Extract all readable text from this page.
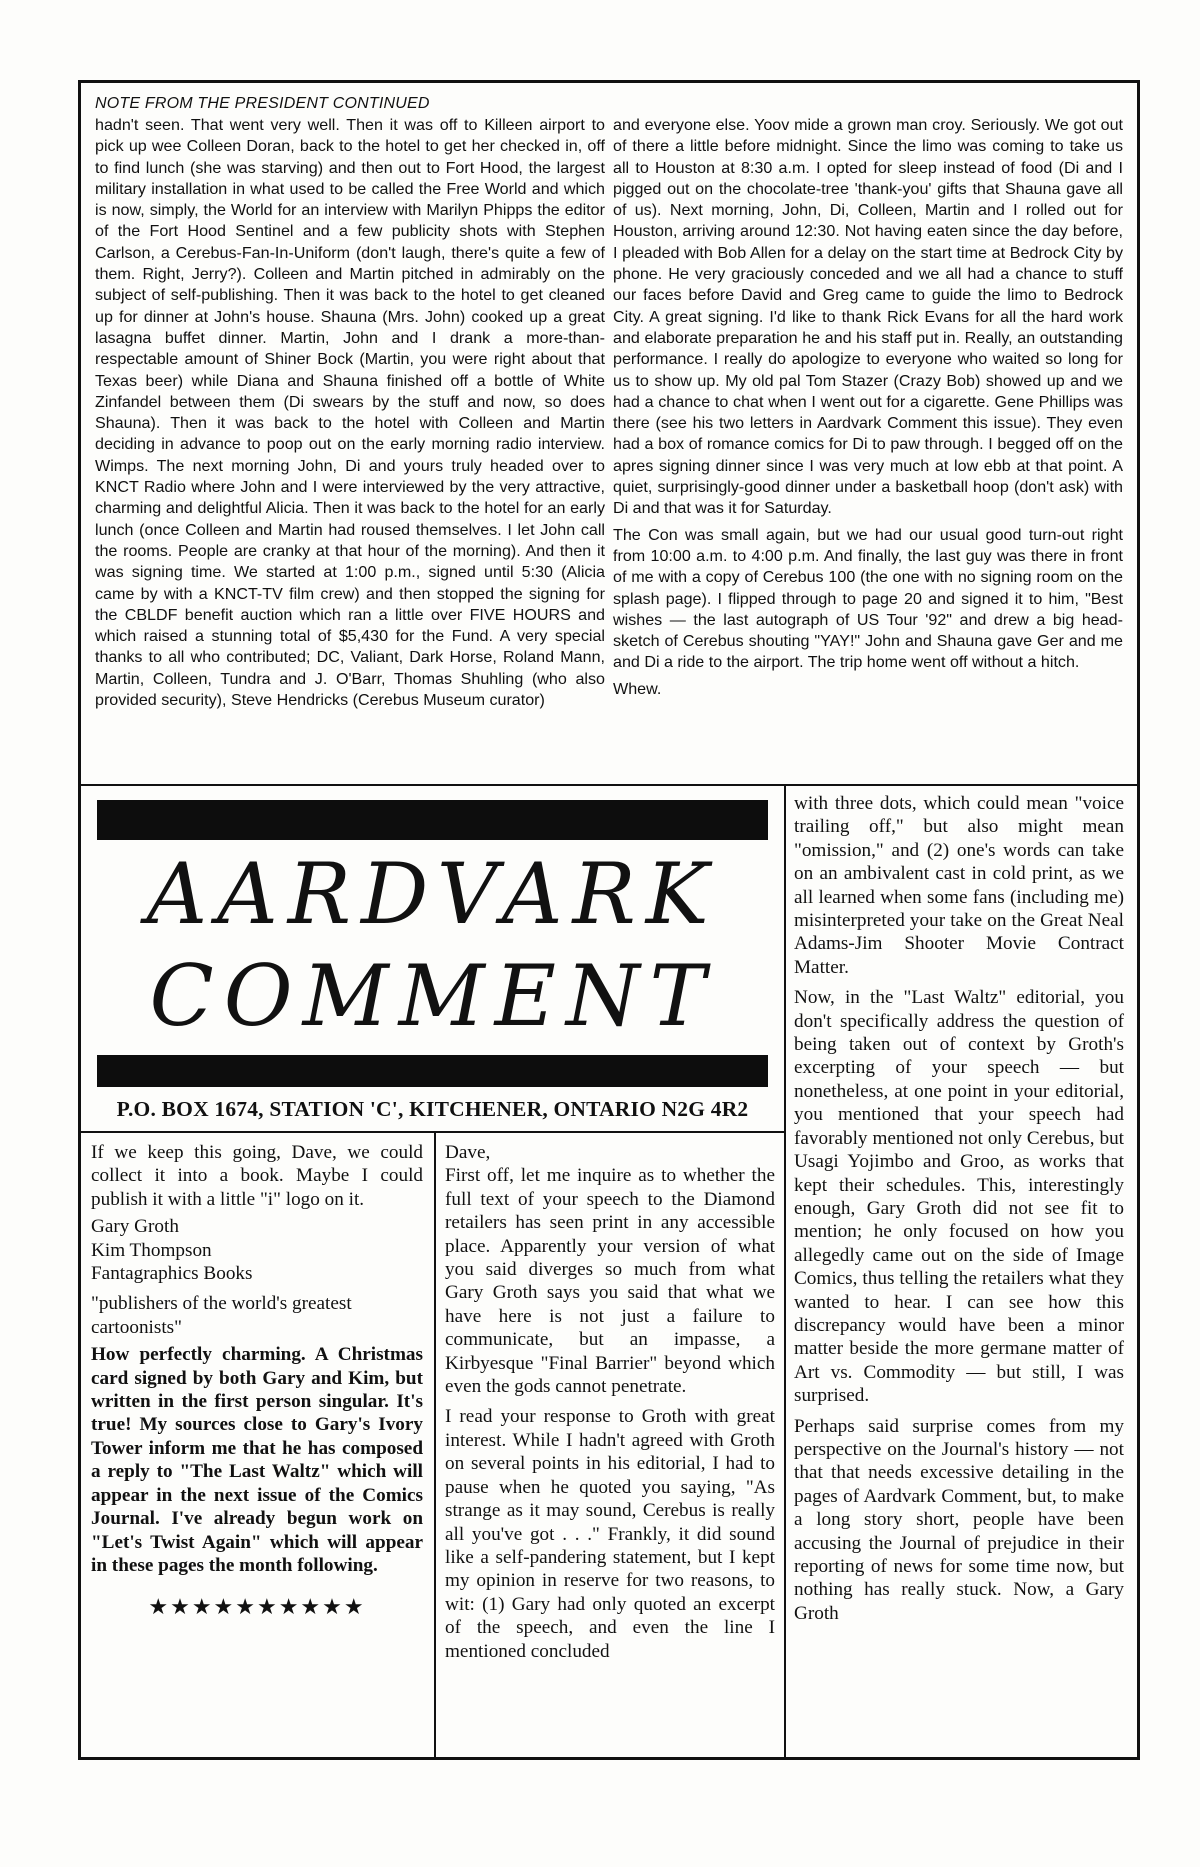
NOTE FROM THE PRESIDENT CONTINUED

hadn't seen. That went very well. Then it was off to Killeen airport to pick up wee Colleen Doran, back to the hotel to get her checked in, off to find lunch (she was starving) and then out to Fort Hood, the largest military installation in what used to be called the Free World and which is now, simply, the World for an interview with Marilyn Phipps the editor of the Fort Hood Sentinel and a few publicity shots with Stephen Carlson, a Cerebus-Fan-In-Uniform (don't laugh, there's quite a few of them. Right, Jerry?). Colleen and Martin pitched in admirably on the subject of self-publishing. Then it was back to the hotel to get cleaned up for dinner at John's house. Shauna (Mrs. John) cooked up a great lasagna buffet dinner. Martin, John and I drank a more-than-respectable amount of Shiner Bock (Martin, you were right about that Texas beer) while Diana and Shauna finished off a bottle of White Zinfandel between them (Di swears by the stuff and now, so does Shauna). Then it was back to the hotel with Colleen and Martin deciding in advance to poop out on the early morning radio interview. Wimps. The next morning John, Di and yours truly headed over to KNCT Radio where John and I were interviewed by the very attractive, charming and delightful Alicia. Then it was back to the hotel for an early lunch (once Colleen and Martin had roused themselves. I let John call the rooms. People are cranky at that hour of the morning). And then it was signing time. We started at 1:00 p.m., signed until 5:30 (Alicia came by with a KNCT-TV film crew) and then stopped the signing for the CBLDF benefit auction which ran a little over FIVE HOURS and which raised a stunning total of $5,430 for the Fund. A very special thanks to all who contributed; DC, Valiant, Dark Horse, Roland Mann, Martin, Colleen, Tundra and J. O'Barr, Thomas Shuhling (who also provided security), Steve Hendricks (Cerebus Museum curator)

and everyone else. Yoov mide a grown man croy. Seriously. We got out of there a little before midnight. Since the limo was coming to take us all to Houston at 8:30 a.m. I opted for sleep instead of food (Di and I pigged out on the chocolate-tree 'thank-you' gifts that Shauna gave all of us). Next morning, John, Di, Colleen, Martin and I rolled out for Houston, arriving around 12:30. Not having eaten since the day before, I pleaded with Bob Allen for a delay on the start time at Bedrock City by phone. He very graciously conceded and we all had a chance to stuff our faces before David and Greg came to guide the limo to Bedrock City. A great signing. I'd like to thank Rick Evans for all the hard work and elaborate preparation he and his staff put in. Really, an outstanding performance. I really do apologize to everyone who waited so long for us to show up. My old pal Tom Stazer (Crazy Bob) showed up and we had a chance to chat when I went out for a cigarette. Gene Phillips was there (see his two letters in Aardvark Comment this issue). They even had a box of romance comics for Di to paw through. I begged off on the apres signing dinner since I was very much at low ebb at that point. A quiet, surprisingly-good dinner under a basketball hoop (don't ask) with Di and that was it for Saturday.

The Con was small again, but we had our usual good turn-out right from 10:00 a.m. to 4:00 p.m. And finally, the last guy was there in front of me with a copy of Cerebus 100 (the one with no signing room on the splash page). I flipped through to page 20 and signed it to him, "Best wishes — the last autograph of US Tour '92" and drew a big head-sketch of Cerebus shouting "YAY!" John and Shauna gave Ger and me and Di a ride to the airport. The trip home went off without a hitch.

Whew.

AARDVARK
COMMENT
P.O. BOX 1674, STATION 'C', KITCHENER, ONTARIO N2G 4R2

If we keep this going, Dave, we could collect it into a book. Maybe I could publish it with a little "i" logo on it.

Gary Groth
Kim Thompson
Fantagraphics Books

"publishers of the world's greatest cartoonists"

How perfectly charming. A Christmas card signed by both Gary and Kim, but written in the first person singular. It's true! My sources close to Gary's Ivory Tower inform me that he has composed a reply to "The Last Waltz" which will appear in the next issue of the Comics Journal. I've already begun work on "Let's Twist Again" which will appear in these pages the month following.

★★★★★★★★★★
Dave,

First off, let me inquire as to whether the full text of your speech to the Diamond retailers has seen print in any accessible place. Apparently your version of what you said diverges so much from what Gary Groth says you said that what we have here is not just a failure to communicate, but an impasse, a Kirbyesque "Final Barrier" beyond which even the gods cannot penetrate.

I read your response to Groth with great interest. While I hadn't agreed with Groth on several points in his editorial, I had to pause when he quoted you saying, "As strange as it may sound, Cerebus is really all you've got . . ." Frankly, it did sound like a self-pandering statement, but I kept my opinion in reserve for two reasons, to wit: (1) Gary had only quoted an excerpt of the speech, and even the line I mentioned concluded

with three dots, which could mean "voice trailing off," but also might mean "omission," and (2) one's words can take on an ambivalent cast in cold print, as we all learned when some fans (including me) misinterpreted your take on the Great Neal Adams-Jim Shooter Movie Contract Matter.

Now, in the "Last Waltz" editorial, you don't specifically address the question of being taken out of context by Groth's excerpting of your speech — but nonetheless, at one point in your editorial, you mentioned that your speech had favorably mentioned not only Cerebus, but Usagi Yojimbo and Groo, as works that kept their schedules. This, interestingly enough, Gary Groth did not see fit to mention; he only focused on how you allegedly came out on the side of Image Comics, thus telling the retailers what they wanted to hear. I can see how this discrepancy would have been a minor matter beside the more germane matter of Art vs. Commodity — but still, I was surprised.

Perhaps said surprise comes from my perspective on the Journal's history — not that that needs excessive detailing in the pages of Aardvark Comment, but, to make a long story short, people have been accusing the Journal of prejudice in their reporting of news for some time now, but nothing has really stuck. Now, a Gary Groth
